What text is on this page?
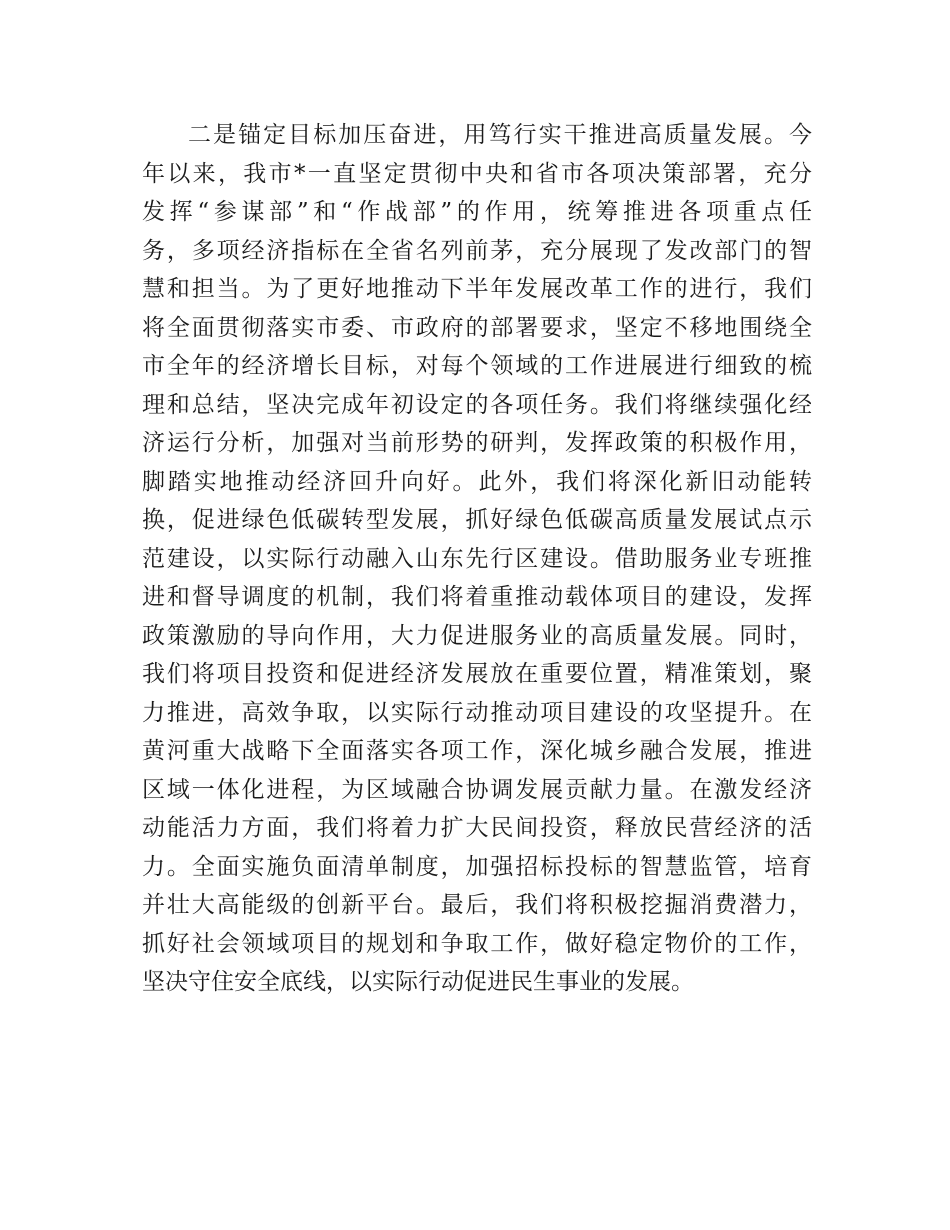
二是锚定目标加压奋进，用笃行实干推进高质量发展。今
年以来，我市*一直坚定贯彻中央和省市各项决策部署，充分
发挥“参谋部”和“作战部”的作用，统筹推进各项重点任
务，多项经济指标在全省名列前茅，充分展现了发改部门的智
慧和担当。为了更好地推动下半年发展改革工作的进行，我们
将全面贯彻落实市委、市政府的部署要求，坚定不移地围绕全
市全年的经济增长目标，对每个领域的工作进展进行细致的梳
理和总结，坚决完成年初设定的各项任务。我们将继续强化经
济运行分析，加强对当前形势的研判，发挥政策的积极作用，
脚踏实地推动经济回升向好。此外，我们将深化新旧动能转
换，促进绿色低碳转型发展，抓好绿色低碳高质量发展试点示
范建设，以实际行动融入山东先行区建设。借助服务业专班推
进和督导调度的机制，我们将着重推动载体项目的建设，发挥
政策激励的导向作用，大力促进服务业的高质量发展。同时，
我们将项目投资和促进经济发展放在重要位置，精准策划，聚
力推进，高效争取，以实际行动推动项目建设的攻坚提升。在
黄河重大战略下全面落实各项工作，深化城乡融合发展，推进
区域一体化进程，为区域融合协调发展贡献力量。在激发经济
动能活力方面，我们将着力扩大民间投资，释放民营经济的活
力。全面实施负面清单制度，加强招标投标的智慧监管，培育
并壮大高能级的创新平台。最后，我们将积极挖掘消费潜力，
抓好社会领域项目的规划和争取工作，做好稳定物价的工作，
坚决守住安全底线，以实际行动促进民生事业的发展。
